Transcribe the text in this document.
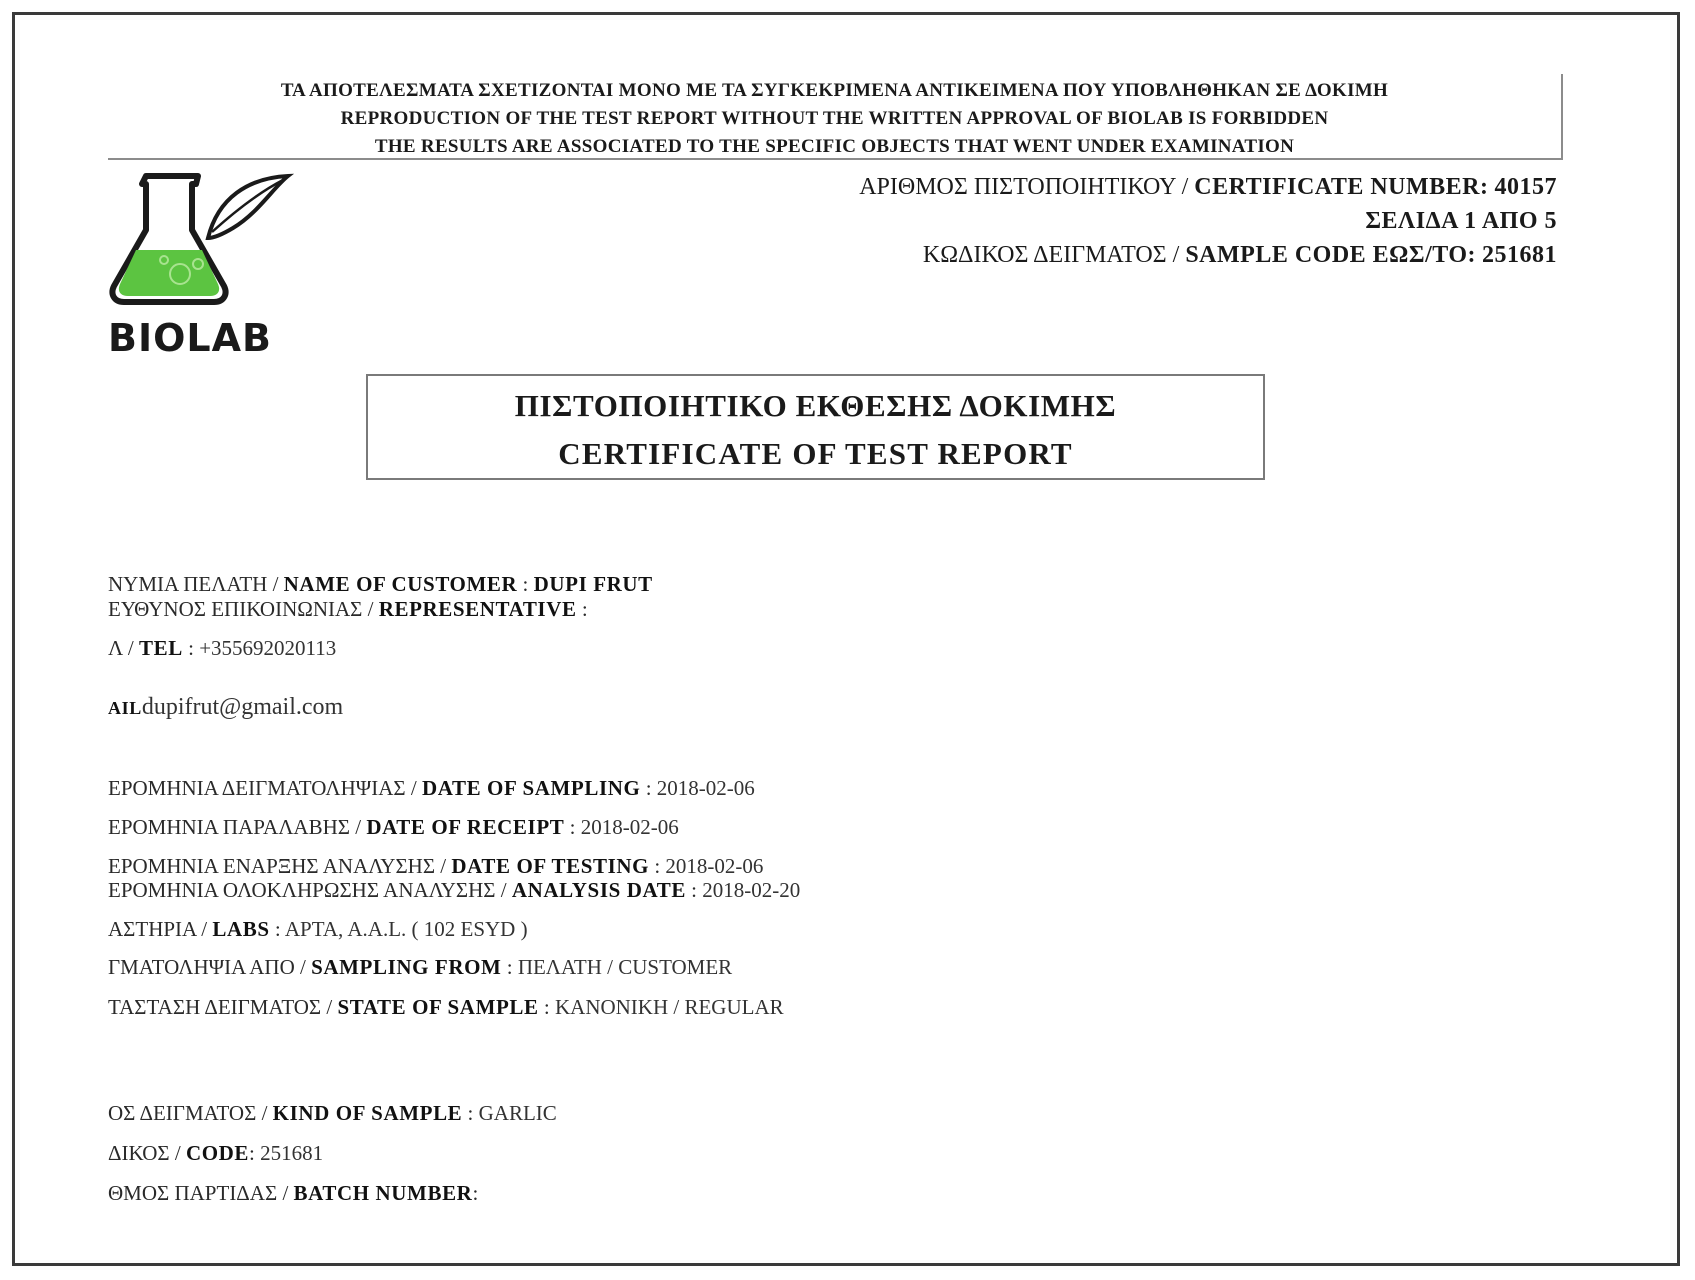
ΤΑ ΑΠΟΤΕΛΕΣΜΑΤΑ ΣΧΕΤΙΖΟΝΤΑΙ ΜΟΝΟ ΜΕ ΤΑ ΣΥΓΚΕΚΡΙΜΕΝΑ ΑΝΤΙΚΕΙΜΕΝΑ ΠΟΥ ΥΠΟΒΛΗΘΗΚΑΝ ΣΕ ΔΟΚΙΜΗ
REPRODUCTION OF THE TEST REPORT WITHOUT THE WRITTEN APPROVAL OF BIOLAB IS FORBIDDEN
THE RESULTS ARE ASSOCIATED TO THE SPECIFIC OBJECTS THAT WENT UNDER EXAMINATION
BIOLAB
ΑΡΙΘΜΟΣ ΠΙΣΤΟΠΟΙΗΤΙΚΟΥ / CERTIFICATE NUMBER: 40157
ΣΕΛΙΔΑ 1 ΑΠΟ 5
ΚΩΔΙΚΟΣ ΔΕΙΓΜΑΤΟΣ / SAMPLE CODE ΕΩΣ/ΤΟ: 251681
ΠΙΣΤΟΠΟΙΗΤΙΚΟ ΕΚΘΕΣΗΣ ΔΟΚΙΜΗΣ
CERTIFICATE OF TEST REPORT
ΝΥΜΙΑ ΠΕΛΑΤΗ / NAME OF CUSTOMER : DUPI FRUT
ΕΥΘΥΝΟΣ ΕΠΙΚΟΙΝΩΝΙΑΣ / REPRESENTATIVE :
Λ / TEL : +355692020113
AILdupifrut@gmail.com
ΕΡΟΜΗΝΙΑ ΔΕΙΓΜΑΤΟΛΗΨΙΑΣ / DATE OF SAMPLING : 2018-02-06
ΕΡΟΜΗΝΙΑ ΠΑΡΑΛΑΒΗΣ / DATE OF RECEIPT : 2018-02-06
ΕΡΟΜΗΝΙΑ ΕΝΑΡΞΗΣ ΑΝΑΛΥΣΗΣ / DATE OF TESTING : 2018-02-06
ΕΡΟΜΗΝΙΑ ΟΛΟΚΛΗΡΩΣΗΣ ΑΝΑΛΥΣΗΣ / ANALYSIS DATE : 2018-02-20
ΑΣΤΗΡΙΑ / LABS : APTA, A.A.L. ( 102 ESYD )
ΓΜΑΤΟΛΗΨΙΑ ΑΠΟ / SAMPLING FROM : ΠΕΛΑΤΗ / CUSTOMER
ΤΑΣΤΑΣΗ ΔΕΙΓΜΑΤΟΣ / STATE OF SAMPLE : ΚΑΝΟΝΙΚΗ / REGULAR
ΟΣ ΔΕΙΓΜΑΤΟΣ / KIND OF SAMPLE : GARLIC
ΔΙΚΟΣ / CODE: 251681
ΘΜΟΣ ΠΑΡΤΙΔΑΣ / BATCH NUMBER:
